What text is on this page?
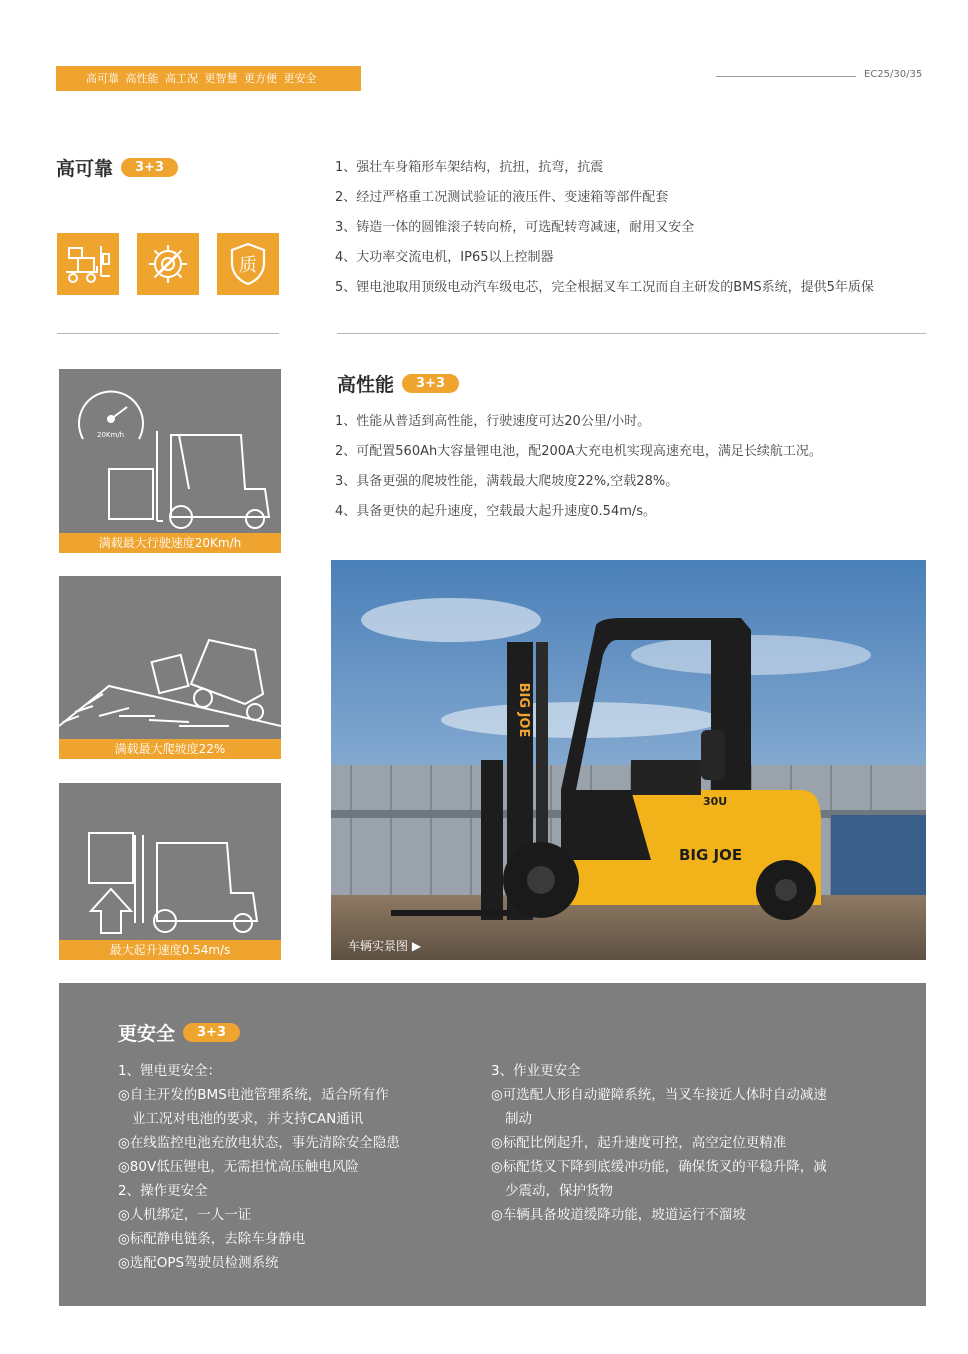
高可靠 高性能 高工况 更智慧 更方便 更安全	EC25/30/35
高可靠	3+3
质
1、强壮车身箱形车架结构，抗扭，抗弯，抗震
2、经过严格重工况测试验证的液压件、变速箱等部件配套
3、铸造一体的圆锥滚子转向桥，可选配转弯减速，耐用又安全
4、大功率交流电机，IP65以上控制器
5、锂电池取用顶级电动汽车级电芯，完全根据叉车工况而自主研发的BMS系统，提供5年质保
高性能	3+3
1、性能从普适到高性能，行驶速度可达20公里/小时。
2、可配置560Ah大容量锂电池，配200A大充电机实现高速充电，满足长续航工况。
3、具备更强的爬坡性能，满载最大爬坡度22%,空载28%。
4、具备更快的起升速度，空载最大起升速度0.54m/s。
20Km/h
满载最大行驶速度20Km/h
满载最大爬坡度22%
最大起升速度0.54m/s
BIG JOE
30U
BIG JOE
车辆实景图 ▶
更安全	3+3
1、锂电更安全：
◎自主开发的BMS电池管理系统，适合所有作
业工况对电池的要求，并支持CAN通讯
◎在线监控电池充放电状态，事先清除安全隐患
◎80V低压锂电，无需担忧高压触电风险
2、操作更安全
◎人机绑定，一人一证
◎标配静电链条，去除车身静电
◎选配OPS驾驶员检测系统
3、作业更安全
◎可选配人形自动避障系统，当叉车接近人体时自动减速
制动
◎标配比例起升，起升速度可控，高空定位更精准
◎标配货叉下降到底缓冲功能，确保货叉的平稳升降，减
少震动，保护货物
◎车辆具备坡道缓降功能，坡道运行不溜坡
